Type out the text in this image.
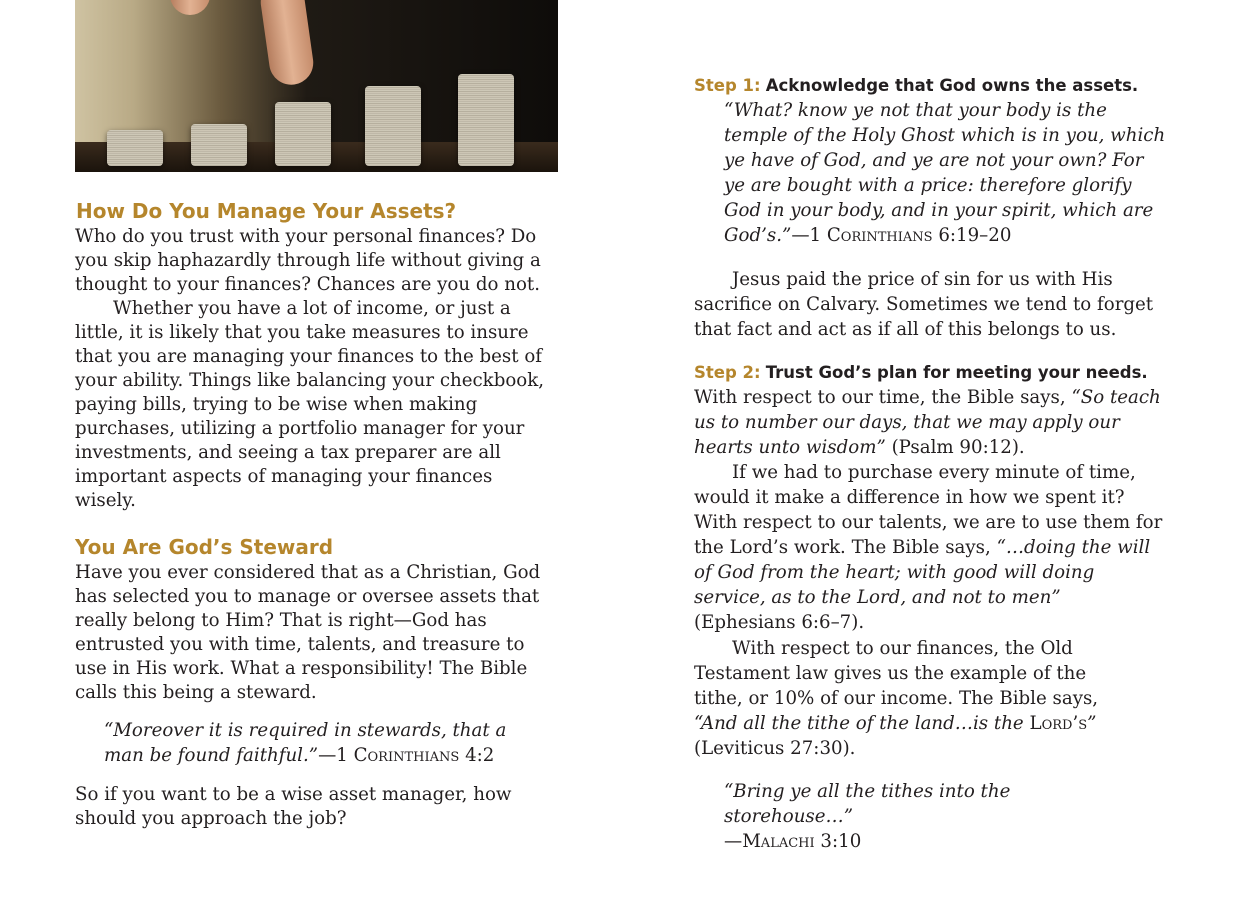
How Do You Manage Your Assets?

Who do you trust with your personal finances? Do you skip haphazardly through life without giving a thought to your finances? Chances are you do not.

Whether you have a lot of income, or just a little, it is likely that you take measures to insure that you are managing your finances to the best of your ability. Things like balancing your checkbook, paying bills, trying to be wise when making purchases, utilizing a portfolio manager for your investments, and seeing a tax preparer are all important aspects of managing your finances wisely.

You Are God’s Steward

Have you ever considered that as a Christian, God has selected you to manage or oversee assets that really belong to Him? That is right—God has entrusted you with time, talents, and treasure to use in His work. What a responsibility! The Bible calls this being a steward.

“Moreover it is required in stewards, that a man be found faithful.”—1 Corinthians 4:2

So if you want to be a wise asset manager, how should you approach the job?

Step 1: Acknowledge that God owns the assets.
“What? know ye not that your body is the temple of the Holy Ghost which is in you, which ye have of God, and ye are not your own? For ye are bought with a price: therefore glorify God in your body, and in your spirit, which are God’s.”—1 Corinthians 6:19–20

Jesus paid the price of sin for us with His sacrifice on Calvary. Sometimes we tend to forget that fact and act as if all of this belongs to us.

Step 2: Trust God’s plan for meeting your needs.

With respect to our time, the Bible says, “So teach us to number our days, that we may apply our hearts unto wisdom” (Psalm 90:12).

If we had to purchase every minute of time, would it make a difference in how we spent it? With respect to our talents, we are to use them for the Lord’s work. The Bible says, “…doing the will of God from the heart; with good will doing service, as to the Lord, and not to men” (Ephesians 6:6–7).

With respect to our finances, the Old Testament law gives us the example of the tithe, or 10% of our income. The Bible says, “And all the tithe of the land…is the Lord’s” (Leviticus 27:30).

“Bring ye all the tithes into the storehouse…”
—Malachi 3:10
